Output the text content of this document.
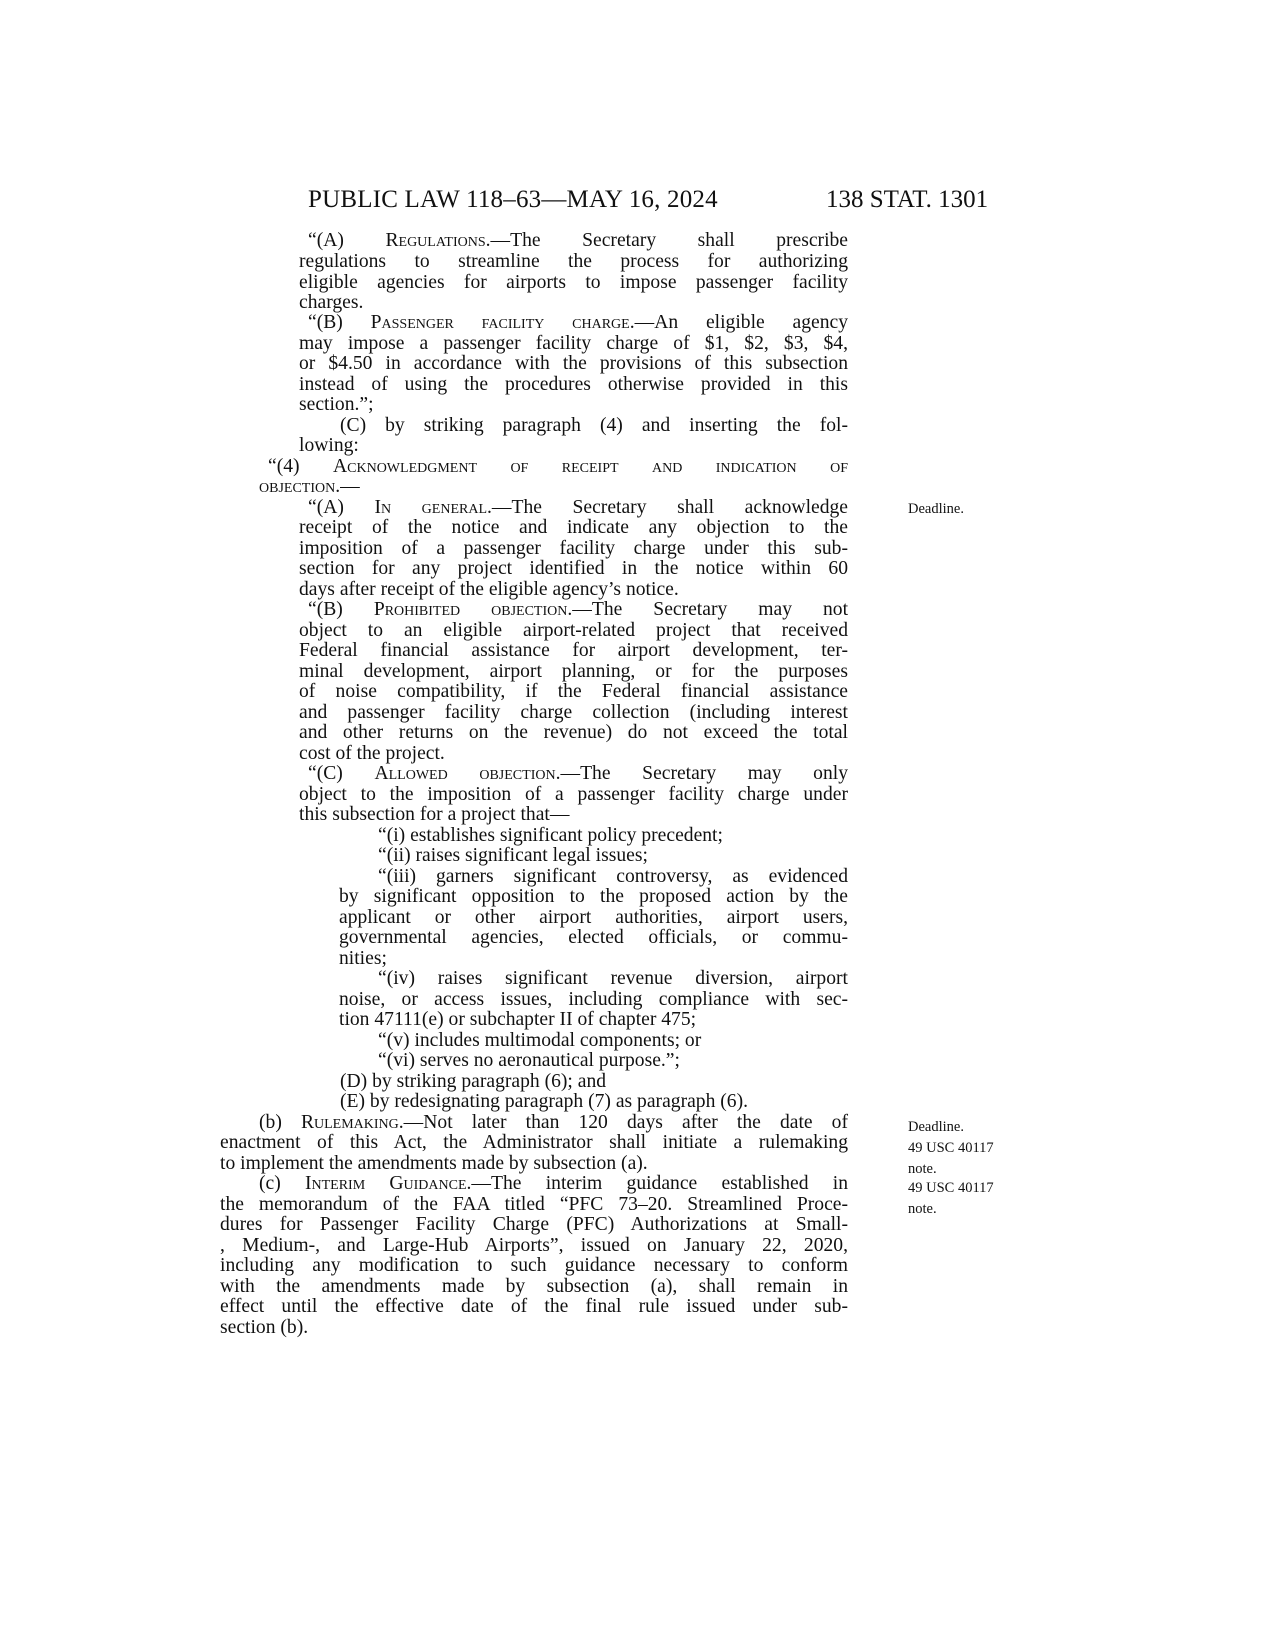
PUBLIC LAW 118–63—MAY 16, 2024	138 STAT. 1301
“(A) Regulations.—The Secretary shall prescribe
regulations to streamline the process for authorizing
eligible agencies for airports to impose passenger facility
charges.
“(B) Passenger facility charge.—An eligible agency
may impose a passenger facility charge of $1, $2, $3, $4,
or $4.50 in accordance with the provisions of this subsection
instead of using the procedures otherwise provided in this
section.”;
(C) by striking paragraph (4) and inserting the fol-
lowing:
“(4) Acknowledgment of receipt and indication of
objection.—
“(A) In general.—The Secretary shall acknowledge
receipt of the notice and indicate any objection to the
imposition of a passenger facility charge under this sub-
section for any project identified in the notice within 60
days after receipt of the eligible agency’s notice.
“(B) Prohibited objection.—The Secretary may not
object to an eligible airport-related project that received
Federal financial assistance for airport development, ter-
minal development, airport planning, or for the purposes
of noise compatibility, if the Federal financial assistance
and passenger facility charge collection (including interest
and other returns on the revenue) do not exceed the total
cost of the project.
“(C) Allowed objection.—The Secretary may only
object to the imposition of a passenger facility charge under
this subsection for a project that—
“(i) establishes significant policy precedent;
“(ii) raises significant legal issues;
“(iii) garners significant controversy, as evidenced
by significant opposition to the proposed action by the
applicant or other airport authorities, airport users,
governmental agencies, elected officials, or commu-
nities;
“(iv) raises significant revenue diversion, airport
noise, or access issues, including compliance with sec-
tion 47111(e) or subchapter II of chapter 475;
“(v) includes multimodal components; or
“(vi) serves no aeronautical purpose.”;
(D) by striking paragraph (6); and
(E) by redesignating paragraph (7) as paragraph (6).
(b) Rulemaking.—Not later than 120 days after the date of
enactment of this Act, the Administrator shall initiate a rulemaking
to implement the amendments made by subsection (a).
(c) Interim Guidance.—The interim guidance established in
the memorandum of the FAA titled “PFC 73–20. Streamlined Proce-
dures for Passenger Facility Charge (PFC) Authorizations at Small-
, Medium-, and Large-Hub Airports”, issued on January 22, 2020,
including any modification to such guidance necessary to conform
with the amendments made by subsection (a), shall remain in
effect until the effective date of the final rule issued under sub-
section (b).
Deadline.
Deadline.
49 USC 40117
note.
49 USC 40117
note.
